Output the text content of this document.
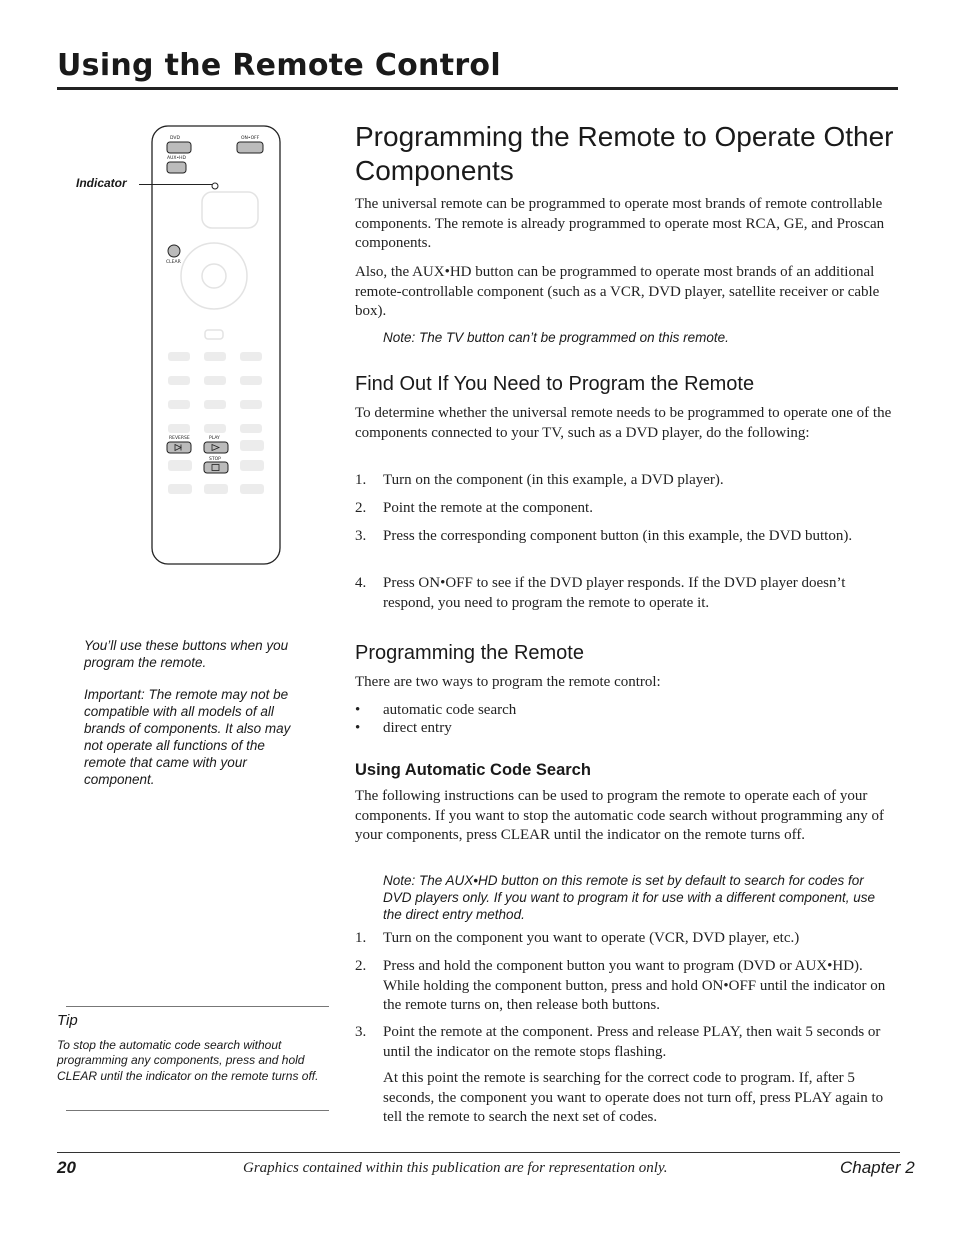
Using the Remote Control
DVD	ON•OFF
AUX•HD
CLEAR
REVERSE	PLAY
STOP
Indicator
Programming the Remote to Operate Other Components
The universal remote can be programmed to operate most brands of remote controllable components. The remote is already programmed to operate most RCA, GE, and Proscan components.
Also, the AUX•HD button can be programmed to operate most brands of an additional remote-controllable component (such as a VCR, DVD player, satellite receiver or cable box).
Note: The TV button can’t be programmed on this remote.
Find Out If You Need to Program the Remote
To determine whether the universal remote needs to be programmed to operate one of the components connected to your TV, such as a DVD player, do the following:
1. Turn on the component (in this example, a DVD player).
2. Point the remote at the component.
3. Press the corresponding component button (in this example, the DVD button).
4. Press ON•OFF to see if the DVD player responds. If the DVD player doesn’t respond, you need to program the remote to operate it.
Programming the Remote
There are two ways to program the remote control:
• automatic code search
• direct entry
Using Automatic Code Search
The following instructions can be used to program the remote to operate each of your components. If you want to stop the automatic code search without programming any of your components, press CLEAR until the indicator on the remote turns off.
Note: The AUX•HD button on this remote is set by default to search for codes for DVD players only. If you want to program it for use with a different component, use the direct entry method.
1. Turn on the component you want to operate (VCR, DVD player, etc.)
2. Press and hold the component button you want to program (DVD or AUX•HD). While holding the component button, press and hold ON•OFF until the indicator on the remote turns on, then release both buttons.
3. Point the remote at the component. Press and release PLAY, then wait 5 seconds or until the indicator on the remote stops flashing.
At this point the remote is searching for the correct code to program. If, after 5 seconds, the component you want to operate does not turn off, press PLAY again to tell the remote to search the next set of codes.
You’ll use these buttons when you program the remote.
Important: The remote may not be compatible with all models of all brands of components. It also may not operate all functions of the remote that came with your component.
Tip
To stop the automatic code search without programming any components, press and hold CLEAR until the indicator on the remote turns off.
20	Graphics contained within this publication are for representation only.	Chapter 2
